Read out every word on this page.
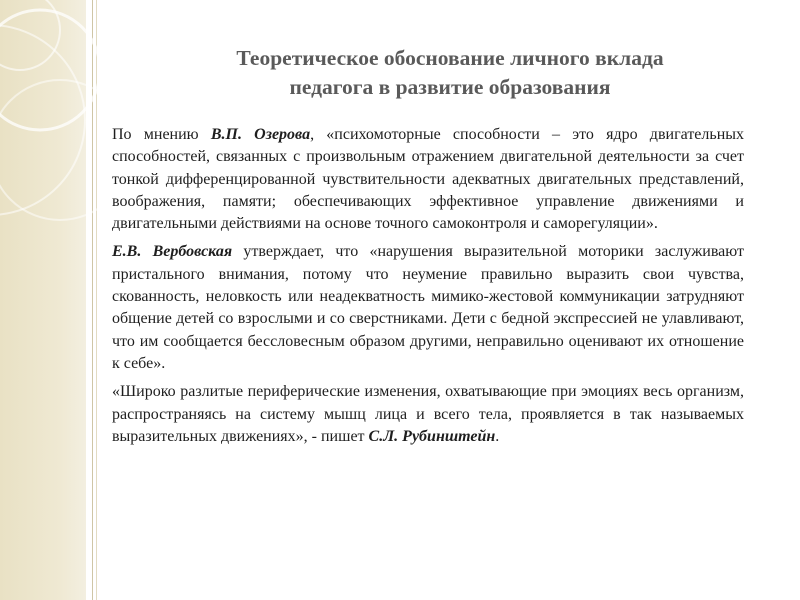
Теоретическое обоснование личного вклада
педагога в развитие образования

По мнению В.П. Озерова, «психомоторные способности – это ядро двигательных способностей, связанных с произвольным отражением двигательной деятельности за счет тонкой дифференцированной чувствительности адекватных двигательных представлений, воображения, памяти; обеспечивающих эффективное управление движениями и двигательными действиями на основе точного самоконтроля и саморегуляции».

Е.В. Вербовская утверждает, что «нарушения выразительной моторики заслуживают пристального внимания, потому что неумение правильно выразить свои чувства, скованность, неловкость или неадекватность мимико-жестовой коммуникации затрудняют общение детей со взрослыми и со сверстниками. Дети с бедной экспрессией не улавливают, что им сообщается бессловесным образом другими, неправильно оценивают их отношение к себе».

«Широко разлитые периферические изменения, охватывающие при эмоциях весь организм, распространяясь на систему мышц лица и всего тела, проявляется в так называемых выразительных движениях», - пишет С.Л. Рубинштейн.
